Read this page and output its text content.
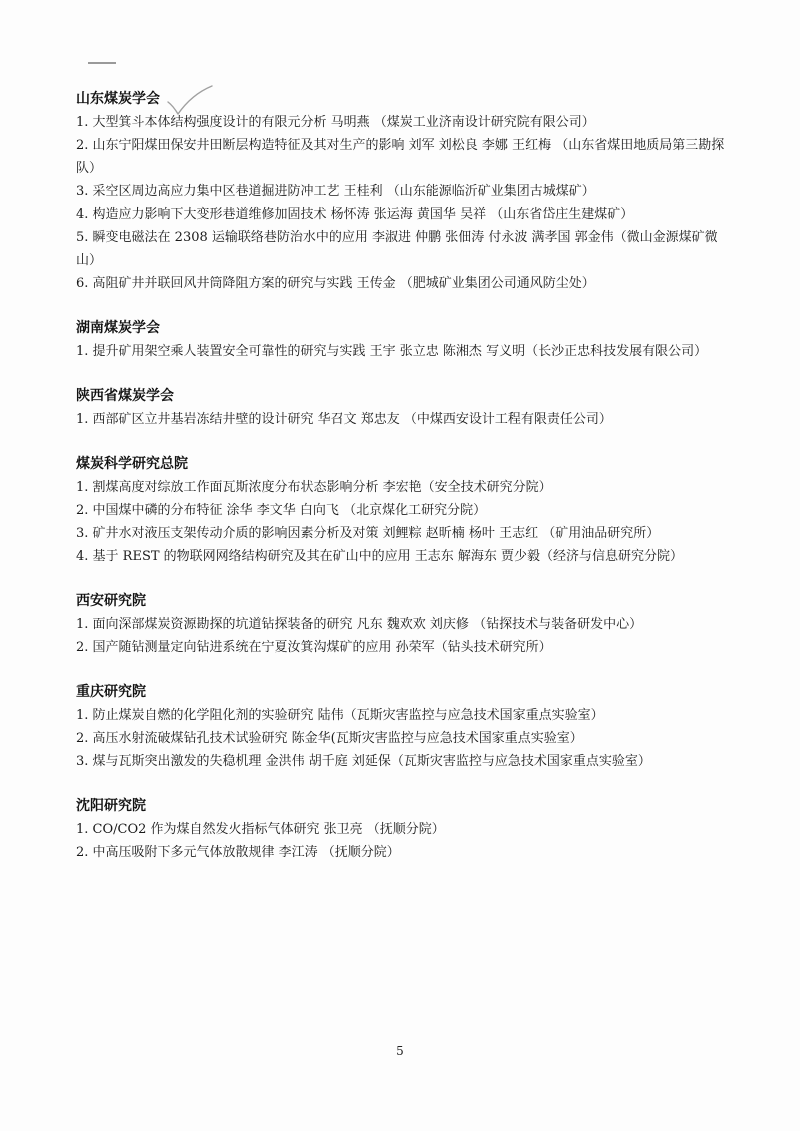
山东煤炭学会

1. 大型箕斗本体结构强度设计的有限元分析 马明燕 （煤炭工业济南设计研究院有限公司）

2. 山东宁阳煤田保安井田断层构造特征及其对生产的影响 刘军 刘松良 李娜 王红梅 （山东省煤田地质局第三勘探队）

3. 采空区周边高应力集中区巷道掘进防冲工艺 王桂利 （山东能源临沂矿业集团古城煤矿）

4. 构造应力影响下大变形巷道维修加固技术 杨怀涛 张运海 黄国华 吴祥 （山东省岱庄生建煤矿）

5. 瞬变电磁法在 2308 运输联络巷防治水中的应用 李淑进 仲鹏 张佃涛 付永波 满孝国 郭金伟（微山金源煤矿微山）

6. 高阻矿井并联回风井筒降阻方案的研究与实践 王传金 （肥城矿业集团公司通风防尘处）

湖南煤炭学会

1. 提升矿用架空乘人装置安全可靠性的研究与实践 王宇 张立忠 陈湘杰 写义明（长沙正忠科技发展有限公司）

陕西省煤炭学会

1. 西部矿区立井基岩冻结井壁的设计研究 华召文 郑忠友 （中煤西安设计工程有限责任公司）

煤炭科学研究总院

1. 割煤高度对综放工作面瓦斯浓度分布状态影响分析 李宏艳（安全技术研究分院）

2. 中国煤中磷的分布特征 涂华 李文华 白向飞 （北京煤化工研究分院）

3. 矿井水对液压支架传动介质的影响因素分析及对策 刘鲤粽 赵昕楠 杨叶 王志红 （矿用油品研究所）

4. 基于 REST 的物联网网络结构研究及其在矿山中的应用 王志东 解海东 贾少毅（经济与信息研究分院）

西安研究院

1. 面向深部煤炭资源勘探的坑道钻探装备的研究 凡东 魏欢欢 刘庆修 （钻探技术与装备研发中心）

2. 国产随钻测量定向钻进系统在宁夏汝箕沟煤矿的应用 孙荣军（钻头技术研究所）

重庆研究院

1. 防止煤炭自燃的化学阻化剂的实验研究 陆伟（瓦斯灾害监控与应急技术国家重点实验室）

2. 高压水射流破煤钻孔技术试验研究 陈金华(瓦斯灾害监控与应急技术国家重点实验室）

3. 煤与瓦斯突出激发的失稳机理 金洪伟 胡千庭 刘延保（瓦斯灾害监控与应急技术国家重点实验室）

沈阳研究院

1. CO/CO2 作为煤自然发火指标气体研究 张卫亮 （抚顺分院）

2. 中高压吸附下多元气体放散规律 李江涛 （抚顺分院）

5
